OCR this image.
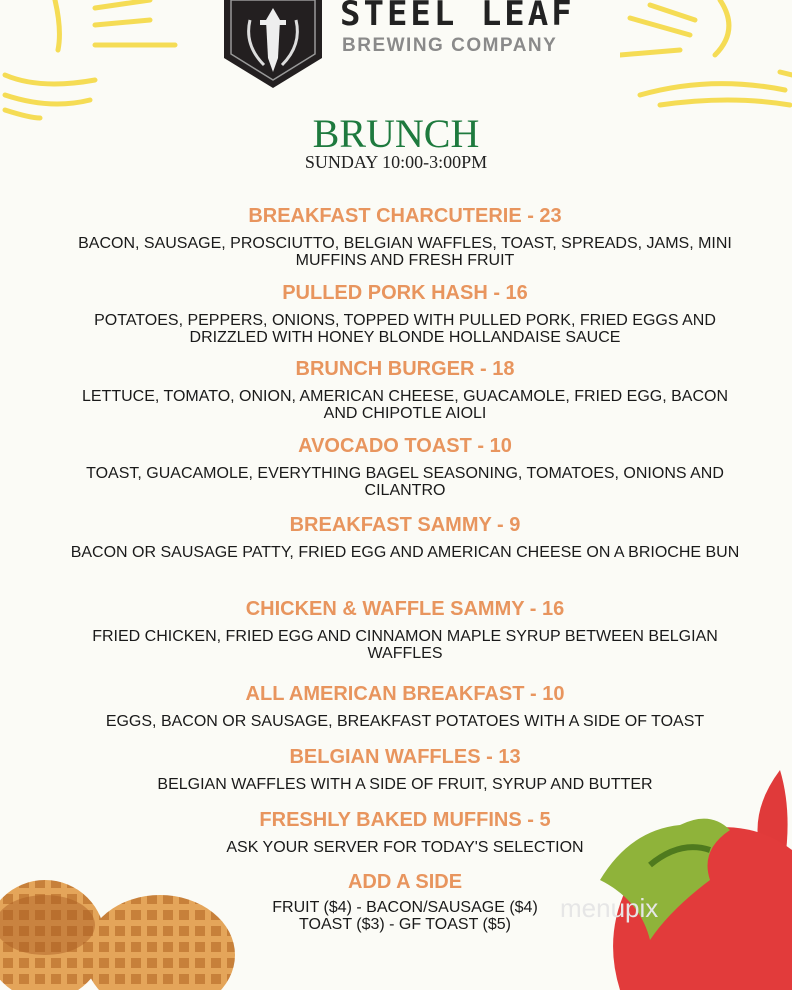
STEEL LEAF
BREWING COMPANY
BRUNCH
SUNDAY 10:00-3:00PM
menupix
BREAKFAST CHARCUTERIE - 23
BACON, SAUSAGE, PROSCIUTTO, BELGIAN WAFFLES, TOAST, SPREADS, JAMS, MINI MUFFINS AND FRESH FRUIT
PULLED PORK HASH - 16
POTATOES, PEPPERS, ONIONS, TOPPED WITH PULLED PORK, FRIED EGGS AND DRIZZLED WITH HONEY BLONDE HOLLANDAISE SAUCE
BRUNCH BURGER - 18
LETTUCE, TOMATO, ONION, AMERICAN CHEESE, GUACAMOLE, FRIED EGG, BACON AND CHIPOTLE AIOLI
AVOCADO TOAST - 10
TOAST, GUACAMOLE, EVERYTHING BAGEL SEASONING, TOMATOES, ONIONS AND CILANTRO
BREAKFAST SAMMY - 9
BACON OR SAUSAGE PATTY, FRIED EGG AND AMERICAN CHEESE ON A BRIOCHE BUN
CHICKEN & WAFFLE SAMMY - 16
FRIED CHICKEN, FRIED EGG AND CINNAMON MAPLE SYRUP BETWEEN BELGIAN WAFFLES
ALL AMERICAN BREAKFAST - 10
EGGS, BACON OR SAUSAGE, BREAKFAST POTATOES WITH A SIDE OF TOAST
BELGIAN WAFFLES - 13
BELGIAN WAFFLES WITH A SIDE OF FRUIT, SYRUP AND BUTTER
FRESHLY BAKED MUFFINS - 5
ASK YOUR SERVER FOR TODAY'S SELECTION
ADD A SIDE
FRUIT ($4) - BACON/SAUSAGE ($4)
TOAST ($3) - GF TOAST ($5)
